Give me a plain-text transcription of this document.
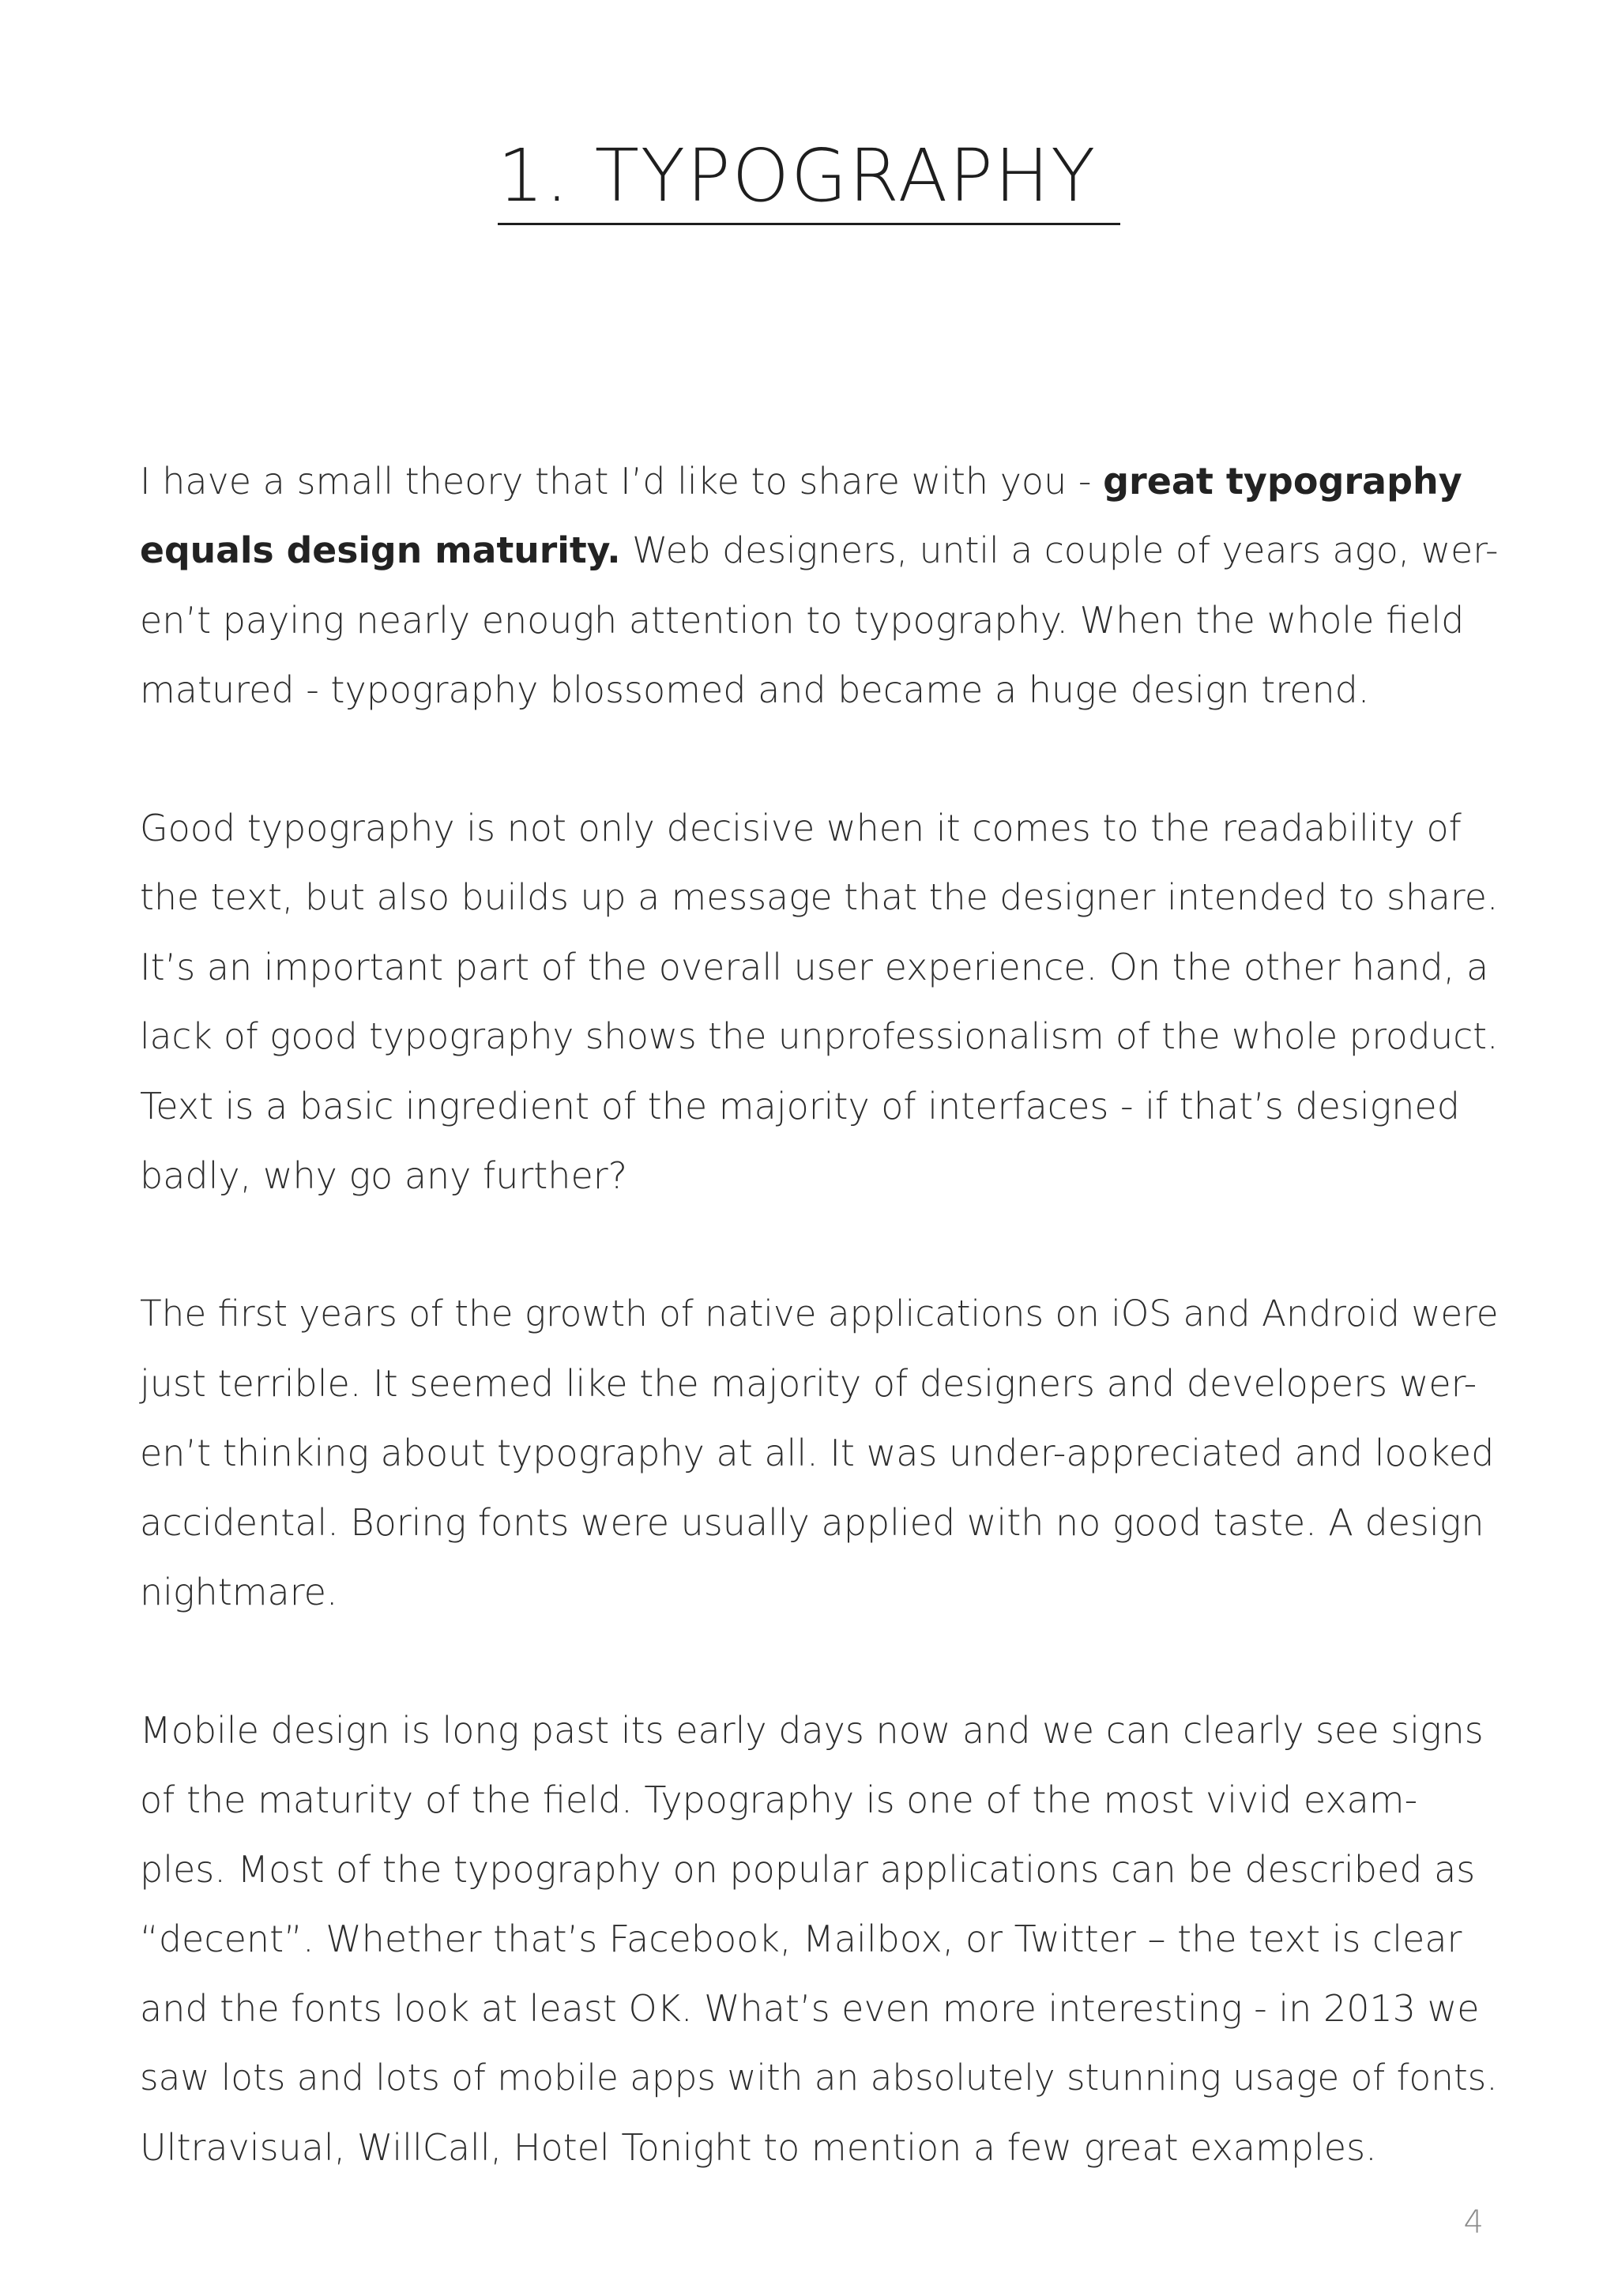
1. TYPOGRAPHY

I have a small theory that I’d like to share with you - great typography
equals design maturity. Web designers, until a couple of years ago, wer-
en’t paying nearly enough attention to typography. When the whole field
matured - typography blossomed and became a huge design trend.

Good typography is not only decisive when it comes to the readability of
the text, but also builds up a message that the designer intended to share.
It’s an important part of the overall user experience. On the other hand, a
lack of good typography shows the unprofessionalism of the whole product.
Text is a basic ingredient of the majority of interfaces - if that’s designed
badly, why go any further?

The first years of the growth of native applications on iOS and Android were
just terrible. It seemed like the majority of designers and developers wer-
en’t thinking about typography at all. It was under-appreciated and looked
accidental. Boring fonts were usually applied with no good taste. A design
nightmare.

Mobile design is long past its early days now and we can clearly see signs
of the maturity of the field. Typography is one of the most vivid exam-
ples. Most of the typography on popular applications can be described as
“decent”. Whether that’s Facebook, Mailbox, or Twitter – the text is clear
and the fonts look at least OK. What’s even more interesting - in 2013 we
saw lots and lots of mobile apps with an absolutely stunning usage of fonts.
Ultravisual, WillCall, Hotel Tonight to mention a few great examples.

4
